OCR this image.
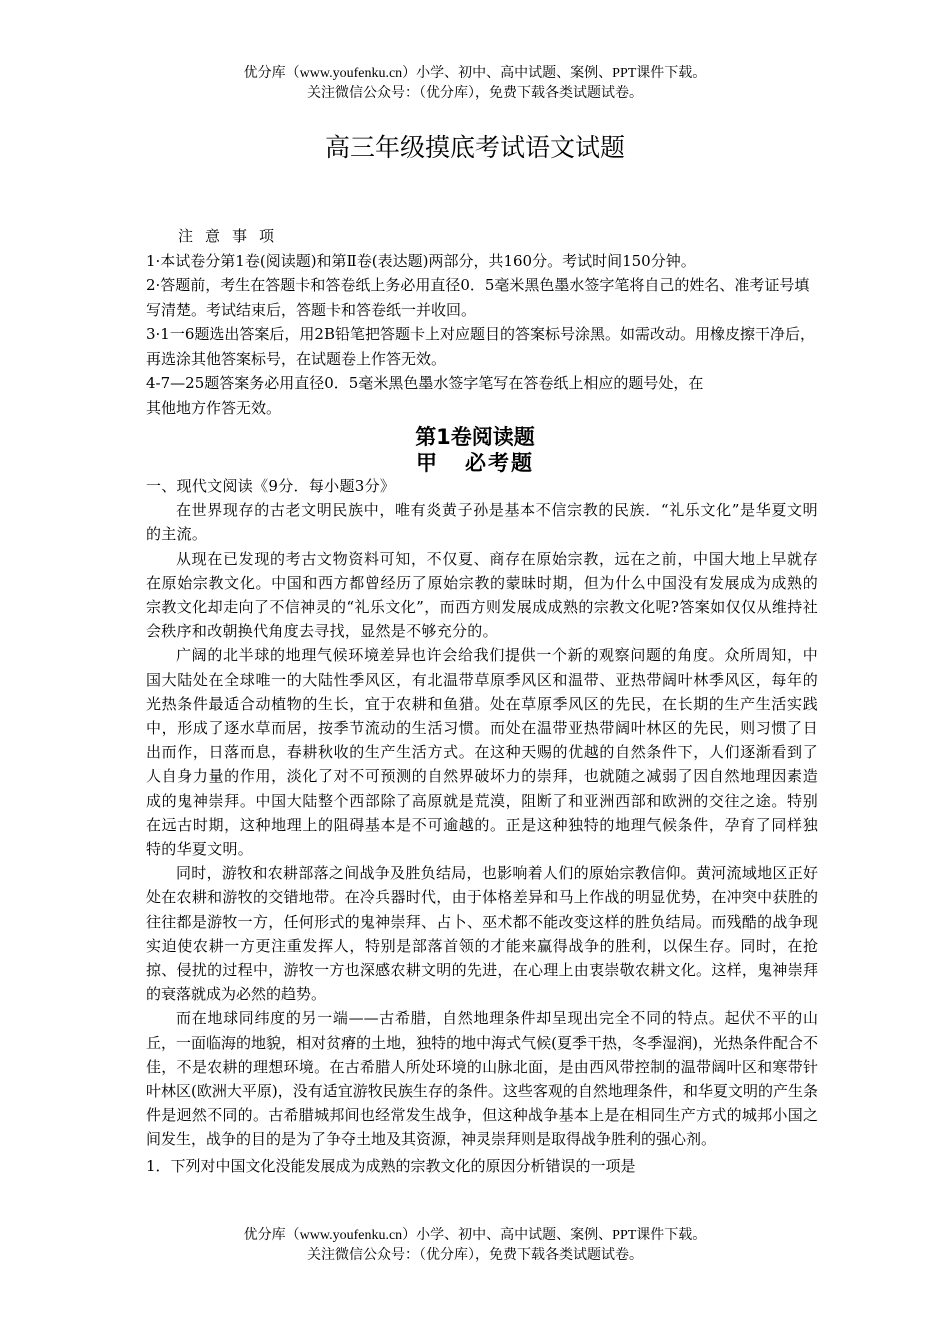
优分库（www.youfenku.cn）小学、初中、高中试题、案例、PPT课件下载。
关注微信公众号：（优分库），免费下载各类试题试卷。
高三年级摸底考试语文试题
注意事项

1·本试卷分第1卷(阅读题)和第Ⅱ卷(表达题)两部分，共160分。考试时间150分钟。

2·答题前，考生在答题卡和答卷纸上务必用直径0．5毫米黑色墨水签字笔将自己的姓名、准考证号填写清楚。考试结束后，答题卡和答卷纸一并收回。

3·1一6题选出答案后，用2B铅笔把答题卡上对应题目的答案标号涂黑。如需改动。用橡皮擦干净后，再选涂其他答案标号，在试题卷上作答无效。

4-7—25题答案务必用直径0．5毫米黑色墨水签字笔写在答卷纸上相应的题号处，在

其他地方作答无效。

第1卷阅读题
甲 必考题

一、现代文阅读《9分．每小题3分》

在世界现存的古老文明民族中，唯有炎黄子孙是基本不信宗教的民族．“礼乐文化”是华夏文明的主流。

从现在已发现的考古文物资料可知，不仅夏、商存在原始宗教，远在之前，中国大地上早就存在原始宗教文化。中国和西方都曾经历了原始宗教的蒙昧时期，但为什么中国没有发展成为成熟的宗教文化却走向了不信神灵的“礼乐文化”，而西方则发展成成熟的宗教文化呢?答案如仅仅从维持社会秩序和改朝换代角度去寻找，显然是不够充分的。

广阔的北半球的地理气候环境差异也许会给我们提供一个新的观察问题的角度。众所周知，中国大陆处在全球唯一的大陆性季风区，有北温带草原季风区和温带、亚热带阔叶林季风区，每年的光热条件最适合动植物的生长，宜于农耕和鱼猎。处在草原季风区的先民，在长期的生产生活实践中，形成了逐水草而居，按季节流动的生活习惯。而处在温带亚热带阔叶林区的先民，则习惯了日出而作，日落而息，春耕秋收的生产生活方式。在这种天赐的优越的自然条件下，人们逐渐看到了人自身力量的作用，淡化了对不可预测的自然界破坏力的崇拜，也就随之减弱了因自然地理因素造成的鬼神崇拜。中国大陆整个西部除了高原就是荒漠，阻断了和亚洲西部和欧洲的交往之途。特别在远古时期，这种地理上的阻碍基本是不可逾越的。正是这种独特的地理气候条件，孕育了同样独特的华夏文明。

同时，游牧和农耕部落之间战争及胜负结局，也影响着人们的原始宗教信仰。黄河流域地区正好处在农耕和游牧的交错地带。在冷兵器时代，由于体格差异和马上作战的明显优势，在冲突中获胜的往往都是游牧一方，任何形式的鬼神崇拜、占卜、巫术都不能改变这样的胜负结局。而残酷的战争现实迫使农耕一方更注重发挥人，特别是部落首领的才能来赢得战争的胜利，以保生存。同时，在抢掠、侵扰的过程中，游牧一方也深感农耕文明的先进，在心理上由衷崇敬农耕文化。这样，鬼神崇拜的衰落就成为必然的趋势。

而在地球同纬度的另一端——古希腊，自然地理条件却呈现出完全不同的特点。起伏不平的山丘，一面临海的地貌，相对贫瘠的土地，独特的地中海式气候(夏季干热，冬季湿润)，光热条件配合不佳，不是农耕的理想环境。在古希腊人所处环境的山脉北面，是由西风带控制的温带阔叶区和寒带针叶林区(欧洲大平原)，没有适宜游牧民族生存的条件。这些客观的自然地理条件，和华夏文明的产生条件是迥然不同的。古希腊城邦间也经常发生战争，但这种战争基本上是在相同生产方式的城邦小国之间发生，战争的目的是为了争夺土地及其资源，神灵崇拜则是取得战争胜利的强心剂。

1．下列对中国文化没能发展成为成熟的宗教文化的原因分析错误的一项是

优分库（www.youfenku.cn）小学、初中、高中试题、案例、PPT课件下载。
关注微信公众号：（优分库），免费下载各类试题试卷。
